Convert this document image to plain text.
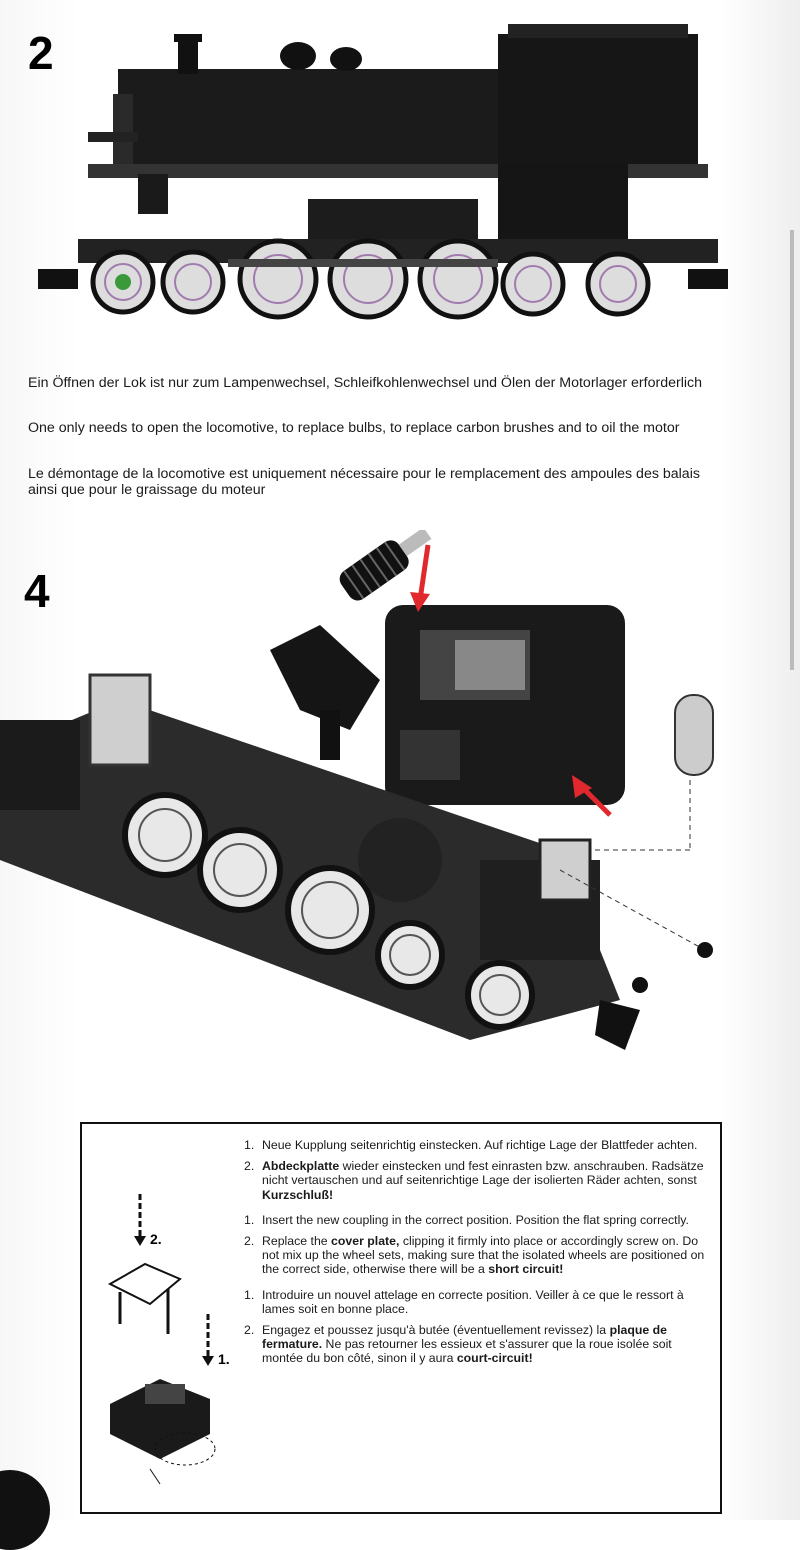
2

Ein Öffnen der Lok ist nur zum Lampenwechsel, Schleifkohlenwechsel und Ölen der Motorlager erforderlich

One only needs to open the locomotive, to replace bulbs, to replace carbon brushes and to oil the motor

Le démontage de la locomotive est uniquement nécessaire pour le remplacement des ampoules des balais ainsi que pour le graissage du moteur

4
2.
1.
1. Neue Kupplung seitenrichtig einstecken. Auf richtige Lage der Blattfeder achten.
2. Abdeckplatte wieder einstecken und fest einrasten bzw. anschrauben. Radsätze nicht vertauschen und auf seitenrichtige Lage der isolierten Räder achten, sonst Kurzschluß!
1. Insert the new coupling in the correct position. Position the flat spring correctly.
2. Replace the cover plate, clipping it firmly into place or accordingly screw on. Do not mix up the wheel sets, making sure that the isolated wheels are positioned on the correct side, otherwise there will be a short circuit!
1. Introduire un nouvel attelage en correcte position. Veiller à ce que le ressort à lames soit en bonne place.
2. Engagez et poussez jusqu'à butée (éventuellement revissez) la plaque de fermature. Ne pas retourner les essieux et s'assurer que la roue isolée soit montée du bon côté, sinon il y aura court-circuit!
